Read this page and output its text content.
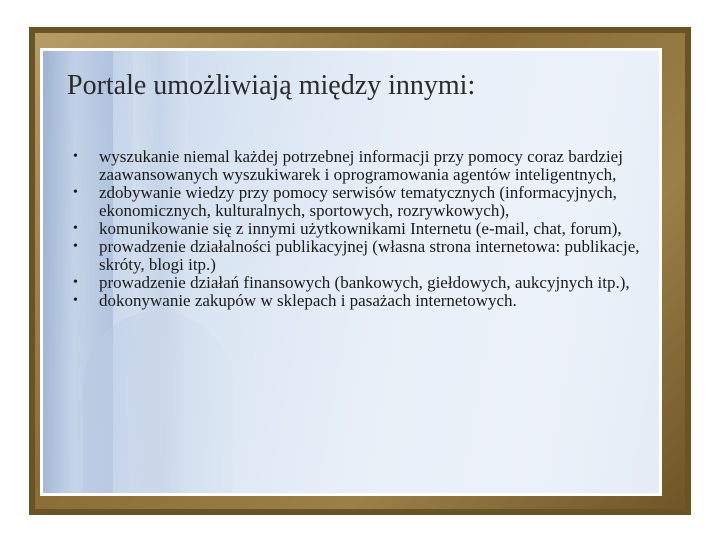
Portale umożliwiają między innymi:
• wyszukanie niemal każdej potrzebnej informacji przy pomocy coraz bardziej zaawansowanych wyszukiwarek i oprogramowania agentów inteligentnych,
• zdobywanie wiedzy przy pomocy serwisów tematycznych (informacyjnych, ekonomicznych, kulturalnych, sportowych, rozrywkowych),
• komunikowanie się z innymi użytkownikami Internetu (e-mail, chat, forum),
• prowadzenie działalności publikacyjnej (własna strona internetowa: publikacje, skróty, blogi itp.)
• prowadzenie działań finansowych (bankowych, giełdowych, aukcyjnych itp.),
• dokonywanie zakupów w sklepach i pasażach internetowych.
